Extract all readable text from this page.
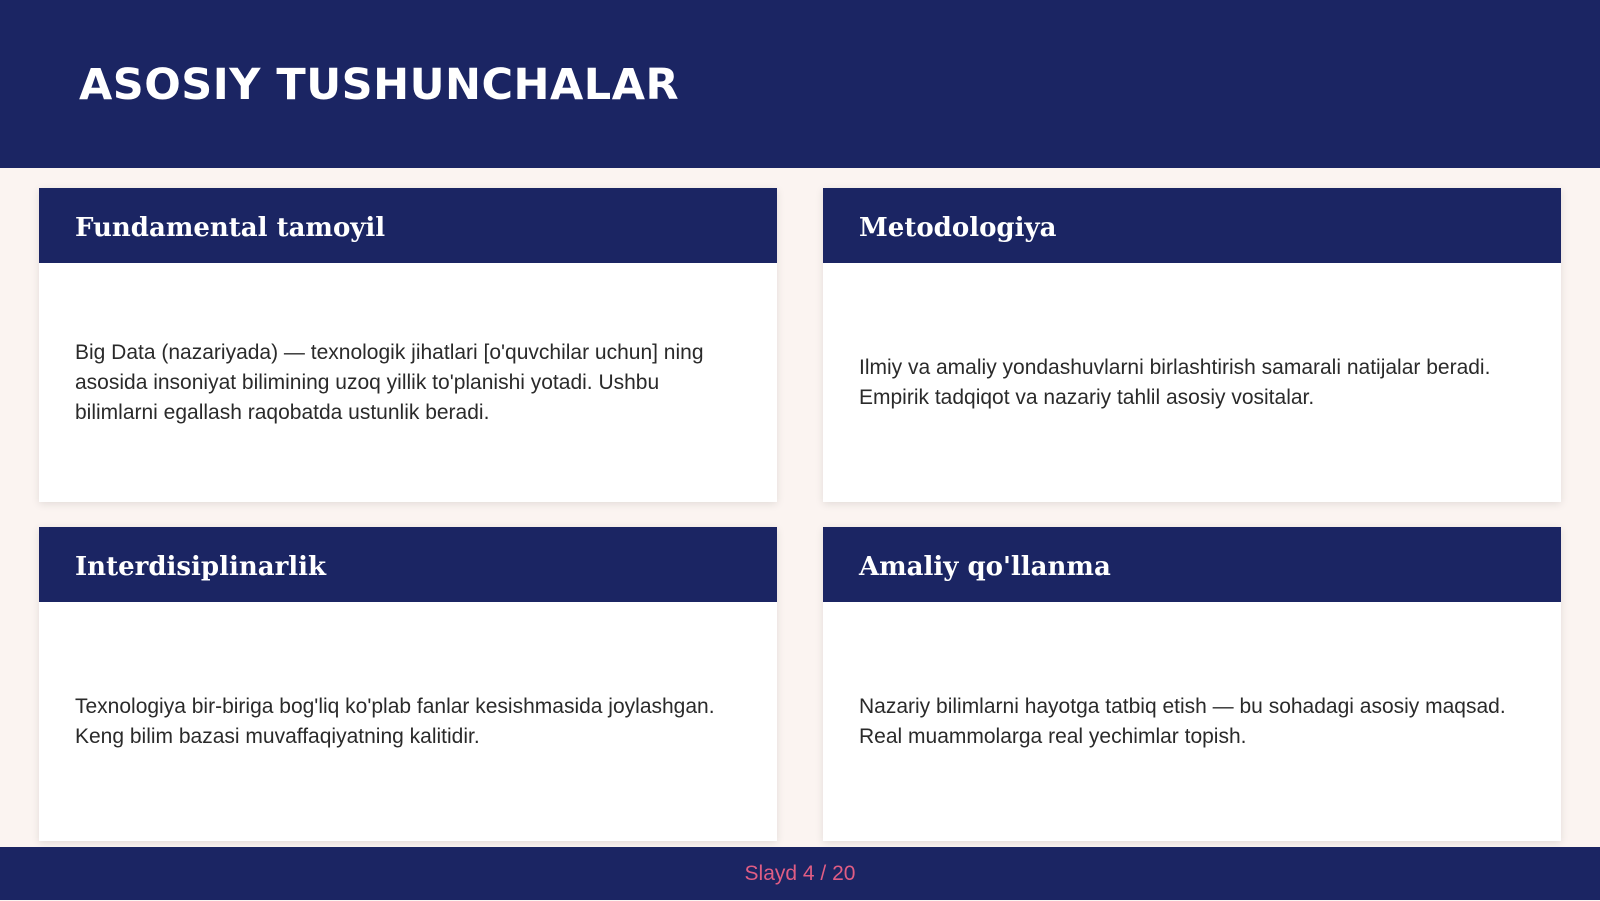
ASOSIY TUSHUNCHALAR
Fundamental tamoyil

Big Data (nazariyada) — texnologik jihatlari [o'quvchilar uchun] ning asosida insoniyat bilimining uzoq yillik to'planishi yotadi. Ushbu bilimlarni egallash raqobatda ustunlik beradi.

Metodologiya

Ilmiy va amaliy yondashuvlarni birlashtirish samarali natijalar beradi. Empirik tadqiqot va nazariy tahlil asosiy vositalar.

Interdisiplinarlik

Texnologiya bir-biriga bog'liq ko'plab fanlar kesishmasida joylashgan. Keng bilim bazasi muvaffaqiyatning kalitidir.

Amaliy qo'llanma

Nazariy bilimlarni hayotga tatbiq etish — bu sohadagi asosiy maqsad. Real muammolarga real yechimlar topish.

Slayd 4 / 20
